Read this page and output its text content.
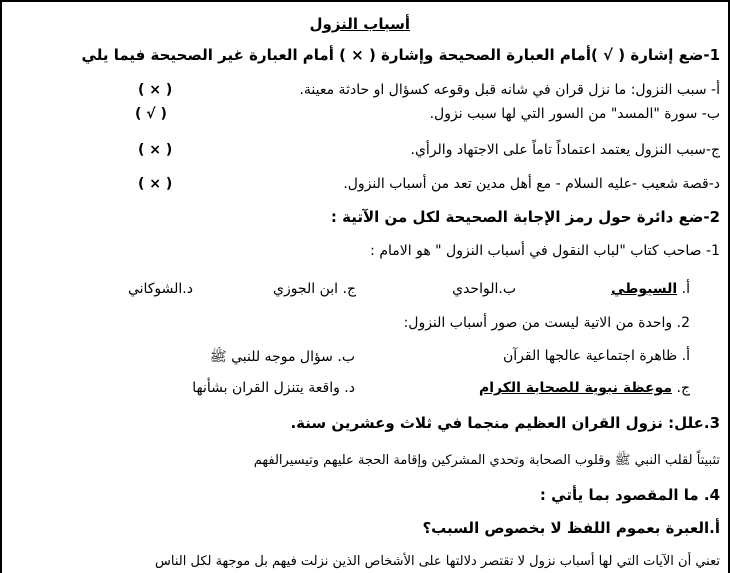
أسباب النزول
1-ضع إشارة ( √ )أمام العبارة الصحيحة وإشارة ( × ) أمام العبارة غير الصحيحة فيما يلي
أ- سبب النزول: ما نزل قران في شانه قبل وقوعه كسؤال او حادثة معينة.
( × )
ب- سورة "المسد" من السور التي لها سبب نزول.
( √ )
ج-سبب النزول يعتمد اعتماداً تاماً على الاجتهاد والرأي.
( × )
د-قصة شعيب -عليه السلام - مع أهل مدين تعد من أسباب النزول.
( × )
2-ضع دائرة حول رمز الإجابة الصحيحة لكل من الآتية :
1- صاحب كتاب "لباب النقول في أسباب النزول " هو الامام :
أ. السيوطي
ب.الواحدي
ج. ابن الجوزي
د.الشوكاني
2. واحدة من الاتية ليست من صور أسباب النزول:
أ. ظاهرة اجتماعية عالجها القرآن
ب. سؤال موجه للنبي ﷺ
ج. موعظة نبوية للصحابة الكرام
د. واقعة يتنزل القران بشأنها
3.علل: نزول القران العظيم منجما في ثلاث وعشرين سنة.
تثبيتاً لقلب النبي ﷺ وقلوب الصحابة وتحدي المشركين وإقامة الحجة عليهم وتيسيرالفهم
4. ما المقصود بما يأتي :
أ.العبرة بعموم اللفظ لا بخصوص السبب؟
تعني أن الآيات التي لها أسباب نزول لا تقتصر دلالتها على الأشخاص الذين نزلت فيهم بل موجهة لكل الناس
